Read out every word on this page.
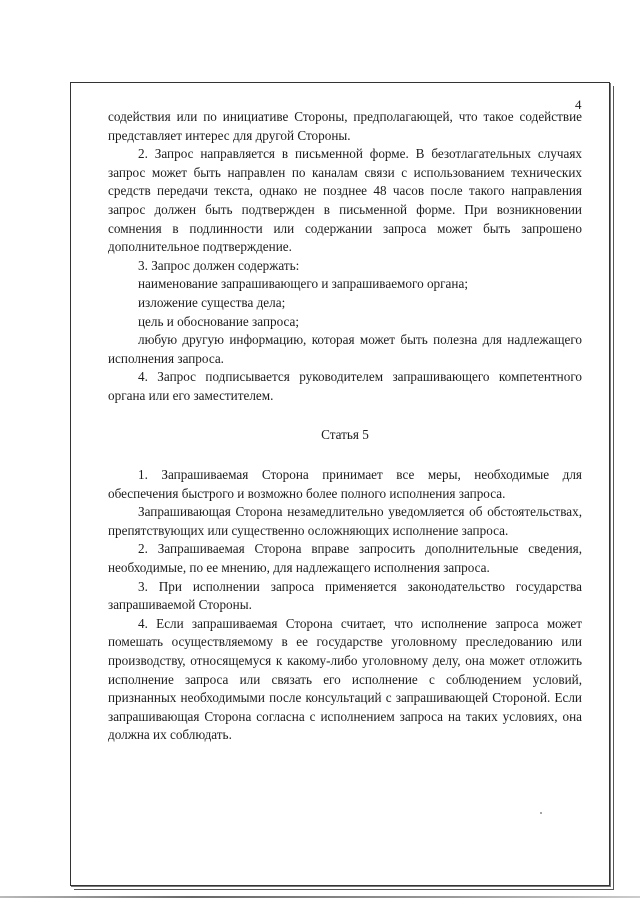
4

содействия или по инициативе Стороны, предполагающей, что такое содействие представляет интерес для другой Стороны.

2. Запрос направляется в письменной форме. В безотлагательных случаях запрос может быть направлен по каналам связи с использованием технических средств передачи текста, однако не позднее 48 часов после такого направления запрос должен быть подтвержден в письменной форме. При возникновении сомнения в подлинности или содержании запроса может быть запрошено дополнительное подтверждение.

3. Запрос должен содержать:

наименование запрашивающего и запрашиваемого органа;

изложение существа дела;

цель и обоснование запроса;

любую другую информацию, которая может быть полезна для надлежащего исполнения запроса.

4. Запрос подписывается руководителем запрашивающего компетентного органа или его заместителем.

Статья 5

1. Запрашиваемая Сторона принимает все меры, необходимые для обеспечения быстрого и возможно более полного исполнения запроса.

Запрашивающая Сторона незамедлительно уведомляется об обстоятельствах, препятствующих или существенно осложняющих исполнение запроса.

2. Запрашиваемая Сторона вправе запросить дополнительные сведения, необходимые, по ее мнению, для надлежащего исполнения запроса.

3. При исполнении запроса применяется законодательство государства запрашиваемой Стороны.

4. Если запрашиваемая Сторона считает, что исполнение запроса может помешать осуществляемому в ее государстве уголовному преследованию или производству, относящемуся к какому-либо уголовному делу, она может отложить исполнение запроса или связать его исполнение с соблюдением условий, признанных необходимыми после консультаций с запрашивающей Стороной. Если запрашивающая Сторона согласна с исполнением запроса на таких условиях, она должна их соблюдать.
